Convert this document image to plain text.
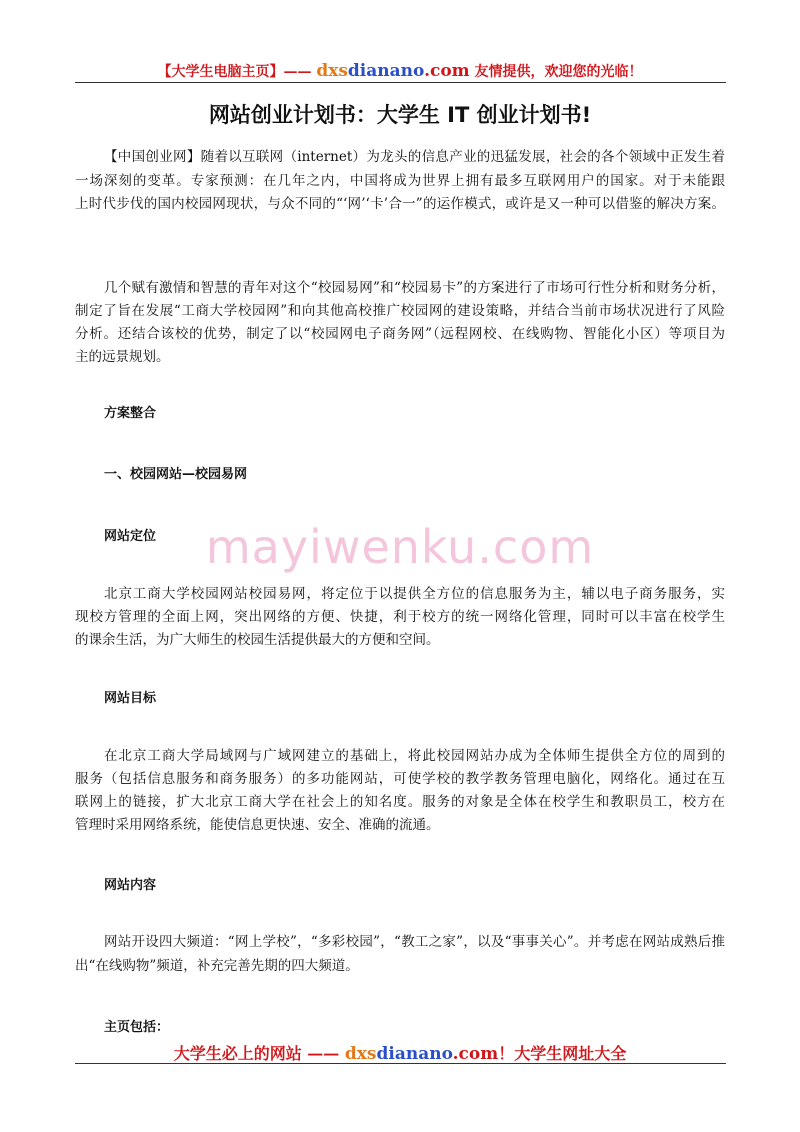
【大学生电脑主页】—— dxsdianano.com 友情提供，欢迎您的光临！
网站创业计划书：大学生 IT 创业计划书!
【中国创业网】随着以互联网（internet）为龙头的信息产业的迅猛发展，社会的各个领域中正发生着
一场深刻的变革。专家预测：在几年之内，中国将成为世界上拥有最多互联网用户的国家。对于未能跟
上时代步伐的国内校园网现状，与众不同的“‘网’‘卡’合一”的运作模式，或许是又一种可以借鉴的解决方案。
几个赋有激情和智慧的青年对这个“校园易网”和“校园易卡”的方案进行了市场可行性分析和财务分析，
制定了旨在发展“工商大学校园网”和向其他高校推广校园网的建设策略，并结合当前市场状况进行了风险
分析。还结合该校的优势，制定了以“校园网电子商务网”（远程网校、在线购物、智能化小区）等项目为
主的远景规划。
方案整合
一、校园网站—校园易网
网站定位	mayiwenku.com
北京工商大学校园网站校园易网，将定位于以提供全方位的信息服务为主，辅以电子商务服务，实
现校方管理的全面上网，突出网络的方便、快捷，利于校方的统一网络化管理，同时可以丰富在校学生
的课余生活，为广大师生的校园生活提供最大的方便和空间。
网站目标
在北京工商大学局域网与广域网建立的基础上，将此校园网站办成为全体师生提供全方位的周到的
服务（包括信息服务和商务服务）的多功能网站，可使学校的教学教务管理电脑化，网络化。通过在互
联网上的链接，扩大北京工商大学在社会上的知名度。服务的对象是全体在校学生和教职员工，校方在
管理时采用网络系统，能使信息更快速、安全、准确的流通。
网站内容
网站开设四大频道：“网上学校”，“多彩校园”，“教工之家”，以及“事事关心”。并考虑在网站成熟后推
出“在线购物”频道，补充完善先期的四大频道。
主页包括：
大学生必上的网站 —— dxsdianano.com！大学生网址大全
